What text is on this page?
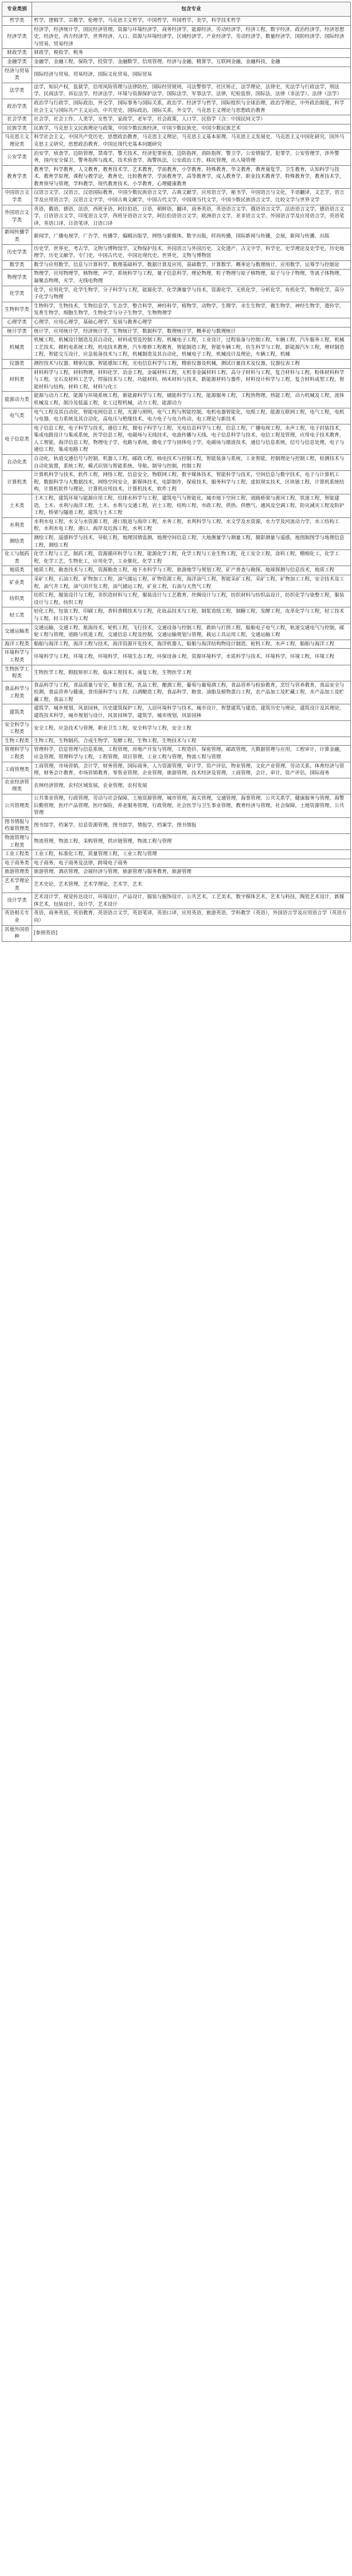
专业类别	包含专业
哲学类	哲学，逻辑学，宗教学，伦理学，马克思主义哲学，中国哲学，外国哲学，美学，科学技术哲学
经济学类	经济学，经济统计学，国民经济管理，资源与环境经济学，商务经济学，能源经济，劳动经济学，经济工程，数字经济，政治经济学，经济思想史，经济史，西方经济学，世界经济，人口、资源与环境经济学，区域经济学，产业经济学，劳动经济学，数量经济学，国防经济学，国际经济与贸易，贸易经济
财政学类	财政学，税收学，税务
金融学类	金融学，金融工程，保险学，投资学，金融数学，信用管理，经济与金融，精算学，互联网金融，金融科技，金融
经济与贸易类	国际经济与贸易，贸易经济，国际文化贸易，国际贸易
法学类	法学，知识产权，监狱学，信用风险管理与法律防控，国际经贸规则，司法警察学，社区矫正，法学理论，法律史，宪法学与行政法学，刑法学，民商法学，诉讼法学，经济法学，环境与资源保护法学，国际法学，军事法学，法律，纪检监察，国际法，法律（非法学），法律（法学）
政治学类	政治学与行政学，国际政治，外交学，国际事务与国际关系，政治学、经济学与哲学，国际组织与全球治理，政治学理论，中外政治制度，科学社会主义与国际共产主义运动，中共党史，国际政治，国际关系，外交学，马克思主义理论与思想政治教育
社会学类	社会学，社会工作，人类学，女性学，家政学，老年学，社会政策，人口学，民俗学（含：中国民间文学）
民族学类	民族学，马克思主义民族理论与政策，中国少数民族经济，中国少数民族史，中国少数民族艺术
马克思主义理论类	科学社会主义，中国共产党历史，思想政治教育，马克思主义理论，马克思主义基本原理，马克思主义发展史，马克思主义中国化研究，国外马克思主义研究，思想政治教育，中国近现代史基本问题研究
公安学类	治安学，侦查学，边防管理，禁毒学，警犬技术，经济犯罪侦查，边防指挥，消防指挥，警卫学，公安情报学，犯罪学，公安管理学，涉外警务，国内安全保卫，警务指挥与战术，技术侦查学，海警执法，公安政治工作，移民管理，出入境管理
教育学类	教育学，科学教育，人文教育，教育技术学，艺术教育，学前教育，小学教育，特殊教育，华文教育，教育康复学，卫生教育，认知科学与技术，教育学原理，课程与教学论，教育史，比较教育学，学前教育学，高等教育学，成人教育学，职业技术教育学，特殊教育学，教育技术学，教育领导与管理，学科教学，现代教育技术，小学教育，心理健康教育
中国语言文学类	汉语言文学，汉语言，汉语国际教育，中国少数民族语言文学，古典文献学，应用语言学，秘书学，中国语言与文化，手语翻译，文艺学，语言学及应用语言学，汉语言文字学，中国古典文献学，中国古代文学，中国现当代文学，中国少数民族语言文学，比较文学与世界文学
外国语言文学类	英语，俄语，德语，法语，西班牙语，阿拉伯语，日语，朝鲜语，翻译，商务英语，英语语言文学，俄语语言文学，法语语言文学，德语语言文学，日语语言文学，印度语言文学，西班牙语语言文学，阿拉伯语语言文学，欧洲语言文学，亚非语言文学，外国语言学及应用语言学，英语笔译，英语口译，日语笔译，日语口译
新闻传播学类	新闻学，广播电视学，广告学，传播学，编辑出版学，网络与新媒体，数字出版，时尚传播，国际新闻与传播，会展，新闻与传播，出版
历史学类	历史学，世界史，考古学，文物与博物馆学，文物保护技术，外国语言与外国历史，文化遗产，古文字学，科学史，史学理论及史学史，历史地理学，历史文献学，专门史，中国古代史，中国近现代史，世界史，文物与博物馆
数学类	数学与应用数学，信息与计算科学，数理基础科学，数据计算及应用，基础数学，计算数学，概率论与数理统计，应用数学，运筹学与控制论
物理学类	物理学，应用物理学，核物理，声学，系统科学与工程，量子信息科学，理论物理，粒子物理与原子核物理，原子与分子物理，等离子体物理，凝聚态物理，光学，无线电物理
化学类	化学，应用化学，化学生物学，分子科学与工程，能源化学，化学测量学与技术，资源化学，无机化学，分析化学，有机化学，物理化学，高分子化学与物理
生物科学类	生物科学，生物技术，生物信息学，生态学，整合科学，神经科学，植物学，动物学，生理学，水生生物学，微生物学，神经生物学，遗传学，发育生物学，细胞生物学，生物化学与分子生物学，生物物理学
心理学类	心理学，应用心理学，基础心理学，发展与教育心理学
统计学类	统计学，应用统计学，经济统计学，生物统计学，数据科学，数理统计学，概率论与数理统计
机械类	机械工程，机械设计制造及其自动化，材料成型及控制工程，机械电子工程，工业设计，过程装备与控制工程，车辆工程，汽车服务工程，机械工艺技术，微机电系统工程，机电技术教育，汽车维修工程教育，智能制造工程，智能车辆工程，仿生科学与工程，新能源汽车工程，增材制造工程，智能交互设计，应急装备技术与工程，机械制造及其自动化，机械电子工程，机械设计及理论，车辆工程，机械
仪器类	测控技术与仪器，精密仪器，智能感知工程，光电信息科学与工程，精密仪器及机械，测试计量技术及仪器，仪器仪表工程
材料类	材料科学与工程，材料物理，材料化学，冶金工程，金属材料工程，无机非金属材料工程，高分子材料与工程，复合材料与工程，粉体材料科学与工程，宝石及材料工艺学，焊接技术与工程，功能材料，纳米材料与技术，新能源材料与器件，材料设计科学与工程，复合材料成型工程，智能材料与结构，材料工程，材料与化工
能源动力类	能源与动力工程，能源与环境系统工程，新能源科学与工程，储能科学与工程，能源服务工程，工程热物理，热能工程，动力机械及工程，流体机械及工程，制冷及低温工程，化工过程机械，动力工程，能源动力
电气类	电气工程及其自动化，智能电网信息工程，光源与照明，电气工程与智能控制，电机电器智能化，电缆工程，能源互联网工程，电气工程，电机与电器，电力系统及其自动化，高电压与绝缘技术，电力电子与电力传动，电工理论与新技术
电子信息类	电子信息工程，电子科学与技术，通信工程，微电子科学与工程，光电信息科学与工程，信息工程，广播电视工程，水声工程，电子封装技术，集成电路设计与集成系统，医学信息工程，电磁场与无线技术，电波传播与天线，电子信息科学与技术，电信工程及管理，应用电子技术教育，人工智能，海洋信息工程，物理电子学，电路与系统，微电子学与固体电子学，电磁场与微波技术，通信与信息系统，信号与信息处理，电子与通信工程，集成电路工程
自动化类	自动化，轨道交通信号与控制，机器人工程，邮政工程，核电技术与控制工程，智能装备与系统，工业智能，控制理论与控制工程，检测技术与自动化装置，系统工程，模式识别与智能系统，导航、制导与控制，控制工程
计算机类	计算机科学与技术，软件工程，网络工程，信息安全，物联网工程，数字媒体技术，智能科学与技术，空间信息与数字技术，电子与计算机工程，数据科学与大数据技术，网络空间安全，新媒体技术，电影制作，保密技术，服务科学与工程，虚拟现实技术，区块链工程，计算机系统结构，计算机软件与理论，计算机应用技术，计算机技术，软件工程
土木类	土木工程，建筑环境与能源应用工程，给排水科学与工程，建筑电气与智能化，城市地下空间工程，道路桥梁与渡河工程，铁道工程，智能建造，土木、水利与海洋工程，土木、水利与交通工程，岩土工程，结构工程，市政工程，供热、供燃气、通风及空调工程，防灾减灾工程及防护工程，桥梁与隧道工程，建筑与土木工程
水利类	水利水电工程，水文与水资源工程，港口航道与海岸工程，水务工程，水利科学与工程，水文学及水资源，水力学及河流动力学，水工结构工程，水利水电工程，港口、海岸及近海工程，水利工程
测绘类	测绘工程，遥感科学与技术，导航工程，地理国情监测，地理空间信息工程，大地测量学与测量工程，摄影测量与遥感，地图制图学与地理信息工程，测绘工程
化工与制药类	化学工程与工艺，制药工程，资源循环科学与工程，能源化学工程，化学工程与工业生物工程，化工安全工程，涂料工程，精细化工，化学工程，化学工艺，生物化工，应用化学，工业催化，化学工程
地质类	地质工程，勘查技术与工程，资源勘查工程，地下水科学与工程，旅游地学与规划工程，矿产普查与勘探，地球探测与信息技术，地质工程
矿业类	采矿工程，石油工程，矿物加工工程，油气储运工程，矿物资源工程，海洋油气工程，智能采矿工程，采矿工程，矿物加工工程，安全技术及工程，油气井工程，油气田开发工程，油气储运工程，矿业工程，石油与天然气工程
纺织类	纺织工程，服装设计与工程，非织造材料与工程，服装设计与工艺教育，丝绸设计与工程，纺织材料与纺织品设计，纺织化学与染整工程，服装设计与工程，纺织工程
轻工类	轻化工程，包装工程，印刷工程，香料香精技术与工程，化妆品技术与工程，制浆造纸工程，制糖工程，发酵工程，皮革化学与工程，轻工技术与工程，轻工技术与工程
交通运输类	交通运输，交通工程，航海技术，轮机工程，飞行技术，交通设备与控制工程，救助与打捞工程，船舶电子电气工程，轨道交通电气与控制，邮轮工程与管理，道路与铁道工程，交通信息工程及控制，交通运输规划与管理，载运工具运用工程，交通运输工程
海洋工程类	船舶与海洋工程，海洋工程与技术，海洋资源开发技术，海洋机器人，船舶与海洋结构物设计制造，轮机工程，水声工程，船舶与海洋工程
环境科学与工程类	环境科学与工程，环境工程，环境科学，环境生态工程，环保设备工程，资源环境科学，水质科学与技术，环境科学，环境工程，环境工程
生物医学工程类	生物医学工程，假肢矫形工程，临床工程技术，康复工程，生物医学工程
食品科学与工程类	食品科学与工程，食品质量与安全，粮食工程，乳品工程，酿酒工程，葡萄与葡萄酒工程，食品营养与检验教育，烹饪与营养教育，食品安全与检测，食品营养与健康，食用菌科学与工程，白酒酿造工程，食品科学，粮食、油脂及植物蛋白工程，农产品加工及贮藏工程，水产品加工及贮藏工程，食品工程
建筑类	建筑学，城乡规划，风景园林，历史建筑保护工程，人居环境科学与技术，城市设计，智慧建筑与建造，建筑历史与理论，建筑设计及其理论，建筑技术科学，城市规划与设计，风景园林学，建筑学，城市规划，风景园林
安全科学与工程类	安全工程，应急技术与管理，职业卫生工程，安全科学与工程，安全工程
生物工程类	生物工程，生物制药，合成生物学，发酵工程，生物工程，生物技术与工程
管理科学与工程类	管理科学，信息管理与信息系统，工程管理，房地产开发与管理，工程造价，保密管理，邮政管理，大数据管理与应用，工程审计，计算金融，应急管理，管理科学与工程，工程管理，项目管理，工业工程与管理，物流工程与管理
工商管理类	工商管理，市场营销，会计学，财务管理，国际商务，人力资源管理，审计学，资产评估，物业管理，文化产业管理，劳动关系，体育经济与管理，财务会计教育，市场营销教育，零售业管理，企业管理，旅游管理，技术经济及管理，工商管理，会计，审计，资产评估，国际商务
农业经济管理类	农林经济管理，农村区域发展，农业管理，农村发展
公共管理类	公共事业管理，行政管理，劳动与社会保障，土地资源管理，城市管理，海关管理，交通管理，海事管理，公共关系学，健康服务与管理，海警后勤管理，医疗产品管理，医疗保险，养老服务管理，行政管理，社会医学与卫生事业管理，教育经济与管理，社会保障，土地资源管理，公共管理
图书情报与档案管理类	图书馆学，档案学，信息资源管理，图书馆学，情报学，档案学，图书情报
物流管理与工程类	物流管理，物流工程，采购管理，供应链管理，物流工程与管理
工业工程类	工业工程，标准化工程，质量管理工程，工业工程与管理
电子商务类	电子商务，电子商务及法律，跨境电子商务
旅游管理类	旅游管理，酒店管理，会展经济与管理，旅游管理与服务教育，旅游管理
艺术学理论类	艺术史论，艺术管理，艺术学理论，艺术学，艺术
设计学类	艺术设计学，视觉传达设计，环境设计，产品设计，服装与服饰设计，公共艺术，工艺美术，数字媒体艺术，艺术与科技，陶瓷艺术设计，新媒体艺术，包装设计，设计学，艺术设计
英语相关专业	英语，商务英语，英语教育，英语语言文学，英语笔译，英语口译，应用英语，旅游英语，学科教学（英语），外国语言学及应用语言学（英语方向）
其他外国语种	[参照英语]
